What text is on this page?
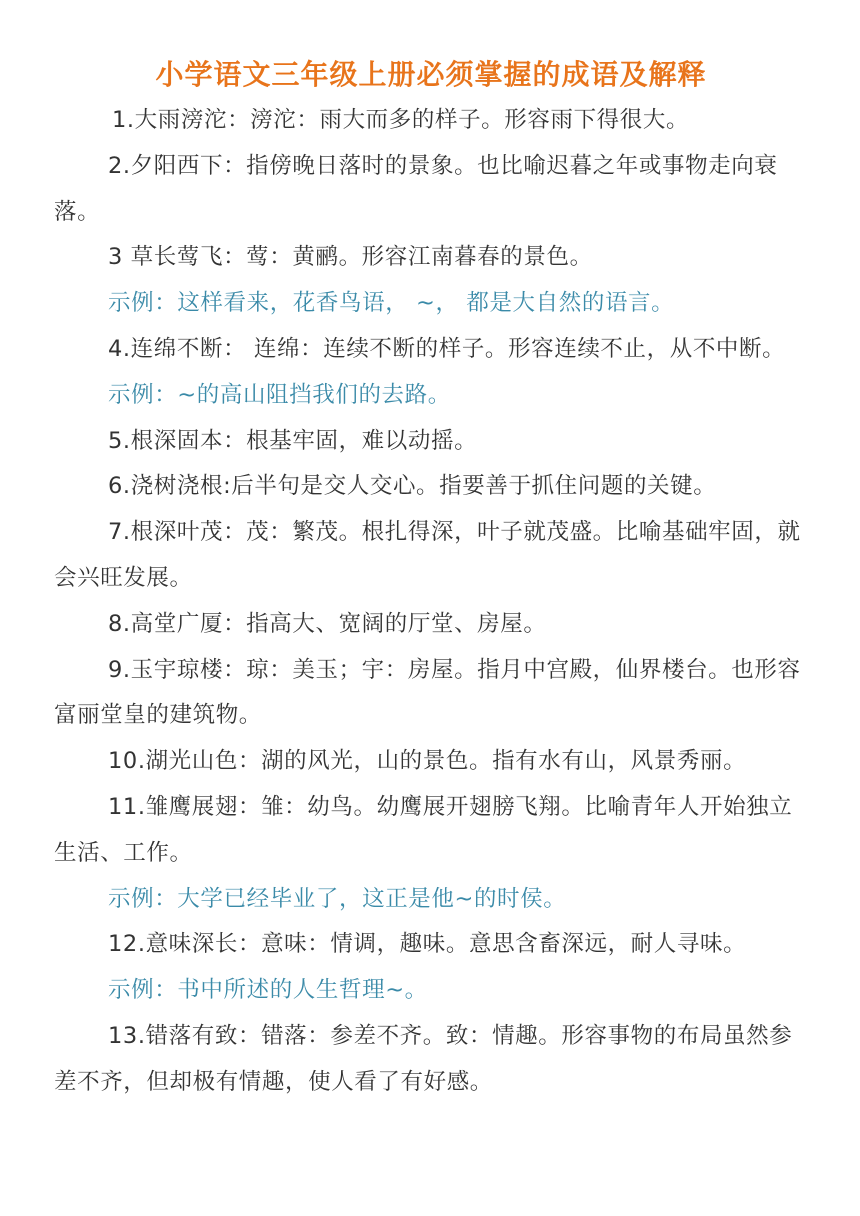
小学语文三年级上册必须掌握的成语及解释

1.大雨滂沱：滂沱：雨大而多的样子。形容雨下得很大。

2.夕阳西下：指傍晚日落时的景象。也比喻迟暮之年或事物走向衰落。

3 草长莺飞：莺：黄鹂。形容江南暮春的景色。

示例：这样看来，花香鸟语， ~， 都是大自然的语言。

4.连绵不断： 连绵：连续不断的样子。形容连续不止，从不中断。

示例：~的高山阻挡我们的去路。

5.根深固本：根基牢固，难以动摇。

6.浇树浇根:后半句是交人交心。指要善于抓住问题的关键。

7.根深叶茂：茂：繁茂。根扎得深，叶子就茂盛。比喻基础牢固，就会兴旺发展。

8.高堂广厦：指高大、宽阔的厅堂、房屋。

9.玉宇琼楼：琼：美玉；宇：房屋。指月中宫殿，仙界楼台。也形容富丽堂皇的建筑物。

10.湖光山色：湖的风光，山的景色。指有水有山，风景秀丽。

11.雏鹰展翅：雏：幼鸟。幼鹰展开翅膀飞翔。比喻青年人开始独立生活、工作。

示例：大学已经毕业了，这正是他~的时侯。

12.意味深长：意味：情调，趣味。意思含畜深远，耐人寻味。

示例：书中所述的人生哲理~。

13.错落有致：错落：参差不齐。致：情趣。形容事物的布局虽然参差不齐，但却极有情趣，使人看了有好感。
